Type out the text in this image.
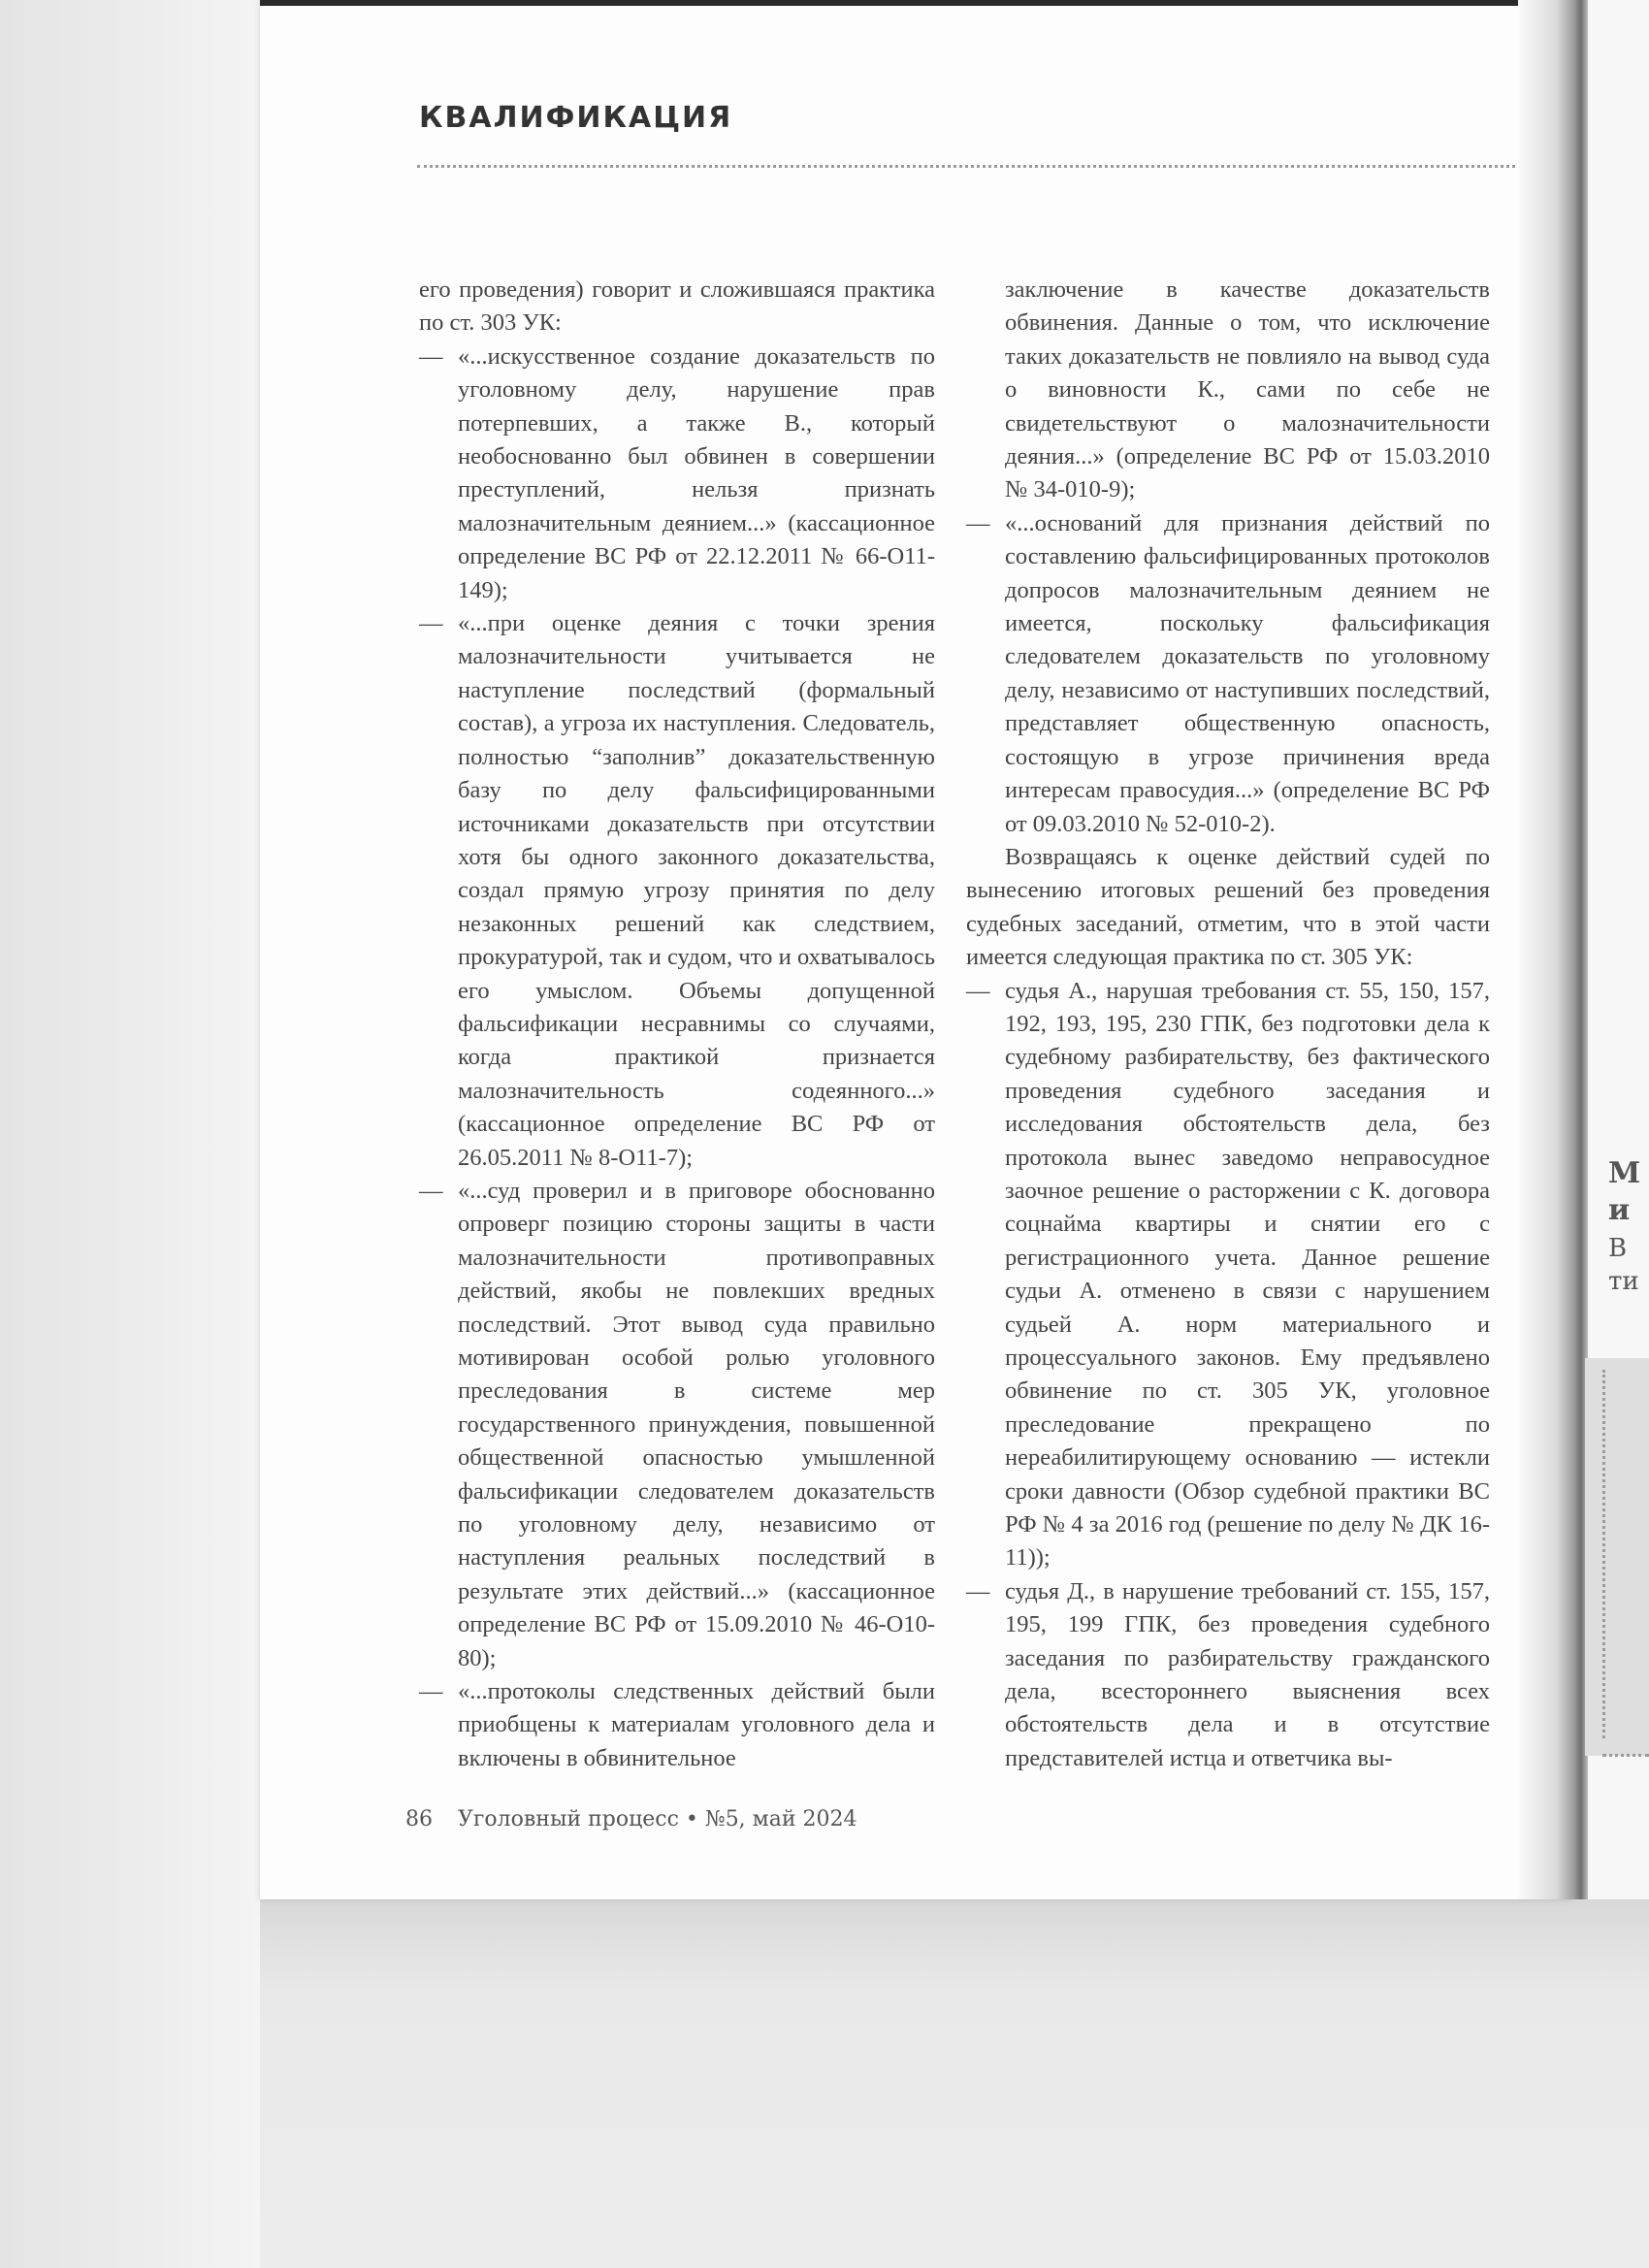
КВАЛИФИКАЦИЯ

его проведения) говорит и сложившаяся практика по ст. 303 УК:

— «...искусственное создание доказательств по уголовному делу, нарушение прав потерпевших, а также В., который необоснованно был обвинен в совершении преступлений, нельзя признать малозначительным деянием...» (кассационное определение ВС РФ от 22.12.2011 № 66-О11-149);
— «...при оценке деяния с точки зрения малозначительности учитывается не наступление последствий (формальный состав), а угроза их наступления. Следователь, полностью “заполнив” доказательственную базу по делу фальсифицированными источниками доказательств при отсутствии хотя бы одного законного доказательства, создал прямую угрозу принятия по делу незаконных решений как следствием, прокуратурой, так и судом, что и охватывалось его умыслом. Объемы допущенной фальсификации несравнимы со случаями, когда практикой признается малозначительность содеянного...» (кассационное определение ВС РФ от 26.05.2011 № 8-О11-7);
— «...суд проверил и в приговоре обоснованно опроверг позицию стороны защиты в части малозначительности противоправных действий, якобы не повлекших вредных последствий. Этот вывод суда правильно мотивирован особой ролью уголовного преследования в системе мер государственного принуждения, повышенной общественной опасностью умышленной фальсификации следователем доказательств по уголовному делу, независимо от наступления реальных последствий в результате этих действий...» (кассационное определение ВС РФ от 15.09.2010 № 46-О10-80);
— «...протоколы следственных действий были приобщены к материалам уголовного дела и включены в обвинительное
заключение в качестве доказательств обвинения. Данные о том, что исключение таких доказательств не повлияло на вывод суда о виновности К., сами по себе не свидетельствуют о малозначительности деяния...» (определение ВС РФ от 15.03.2010 № 34-010-9);
— «...оснований для признания действий по составлению фальсифицированных протоколов допросов малозначительным деянием не имеется, поскольку фальсификация следователем доказательств по уголовному делу, независимо от наступивших последствий, представляет общественную опасность, состоящую в угрозе причинения вреда интересам правосудия...» (определение ВС РФ от 09.03.2010 № 52-010-2).

Возвращаясь к оценке действий судей по вынесению итоговых решений без проведения судебных заседаний, отметим, что в этой части имеется следующая практика по ст. 305 УК:

— судья А., нарушая требования ст. 55, 150, 157, 192, 193, 195, 230 ГПК, без подготовки дела к судебному разбирательству, без фактического проведения судебного заседания и исследования обстоятельств дела, без протокола вынес заведомо неправосудное заочное решение о расторжении с К. договора соцнайма квартиры и снятии его с регистрационного учета. Данное решение судьи А. отменено в связи с нарушением судьей А. норм материального и процессуального законов. Ему предъявлено обвинение по ст. 305 УК, уголовное преследование прекращено по нереабилитирующему основанию — истекли сроки давности (Обзор судебной практики ВС РФ № 4 за 2016 год (решение по делу № ДК 16-11));
— судья Д., в нарушение требований ст. 155, 157, 195, 199 ГПК, без проведения судебного заседания по разбирательству гражданского дела, всестороннего выяснения всех обстоятельств дела и в отсутствие представителей истца и ответчика вы-
86 Уголовный процесс • №5, май 2024
М
и
В
ти
